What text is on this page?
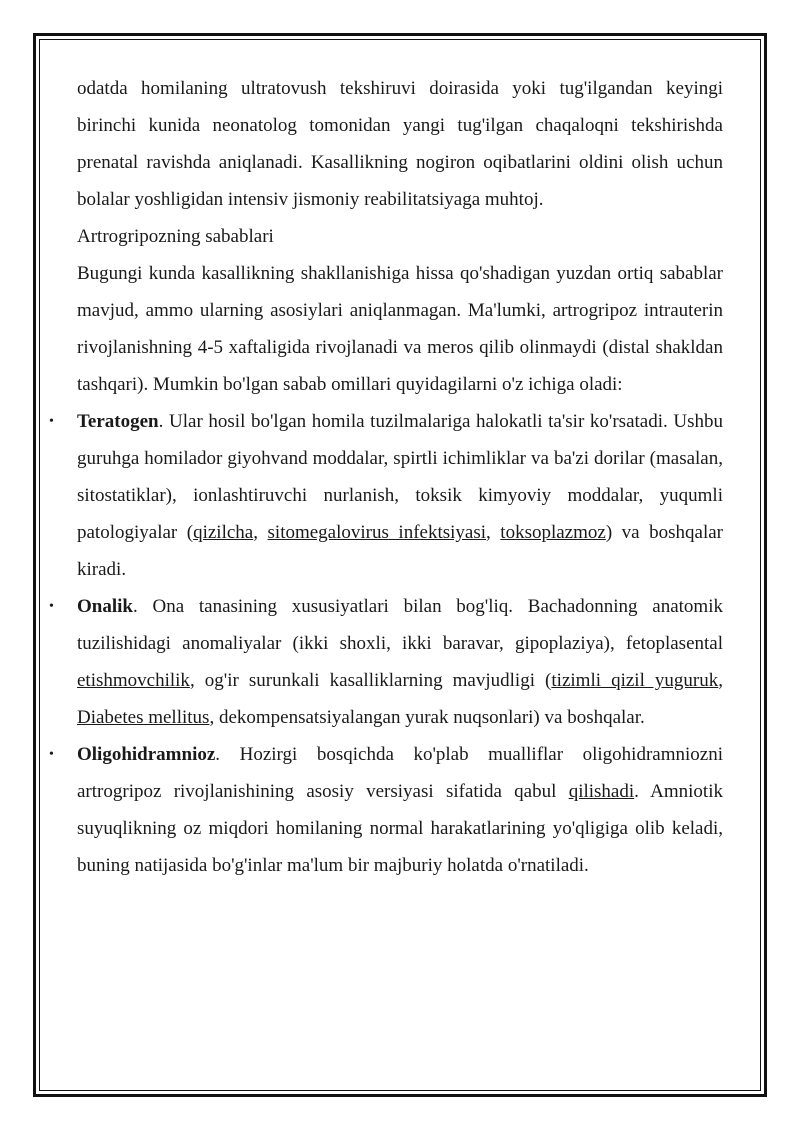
odatda homilaning ultratovush tekshiruvi doirasida yoki tug'ilgandan keyingi birinchi kunida neonatolog tomonidan yangi tug'ilgan chaqaloqni tekshirishda prenatal ravishda aniqlanadi. Kasallikning nogiron oqibatlarini oldini olish uchun bolalar yoshligidan intensiv jismoniy reabilitatsiyaga muhtoj.

Artrogripozning sabablari

Bugungi kunda kasallikning shakllanishiga hissa qo'shadigan yuzdan ortiq sabablar mavjud, ammo ularning asosiylari aniqlanmagan. Ma'lumki, artrogripoz intrauterin rivojlanishning 4-5 xaftaligida rivojlanadi va meros qilib olinmaydi (distal shakldan tashqari). Mumkin bo'lgan sabab omillari quyidagilarni o'z ichiga oladi:

• Teratogen. Ular hosil bo'lgan homila tuzilmalariga halokatli ta'sir ko'rsatadi. Ushbu guruhga homilador giyohvand moddalar, spirtli ichimliklar va ba'zi dorilar (masalan, sitostatiklar), ionlashtiruvchi nurlanish, toksik kimyoviy moddalar, yuqumli patologiyalar (qizilcha, sitomegalovirus infektsiyasi, toksoplazmoz) va boshqalar kiradi.

• Onalik. Ona tanasining xususiyatlari bilan bog'liq. Bachadonning anatomik tuzilishidagi anomaliyalar (ikki shoxli, ikki baravar, gipoplaziya), fetoplasental etishmovchilik, og'ir surunkali kasalliklarning mavjudligi (tizimli qizil yuguruk, Diabetes mellitus, dekompensatsiyalangan yurak nuqsonlari) va boshqalar.

• Oligohidramnioz. Hozirgi bosqichda ko'plab mualliflar oligohidramniozni artrogripoz rivojlanishining asosiy versiyasi sifatida qabul qilishadi. Amniotik suyuqlikning oz miqdori homilaning normal harakatlarining yo'qligiga olib keladi, buning natijasida bo'g'inlar ma'lum bir majburiy holatda o'rnatiladi.
